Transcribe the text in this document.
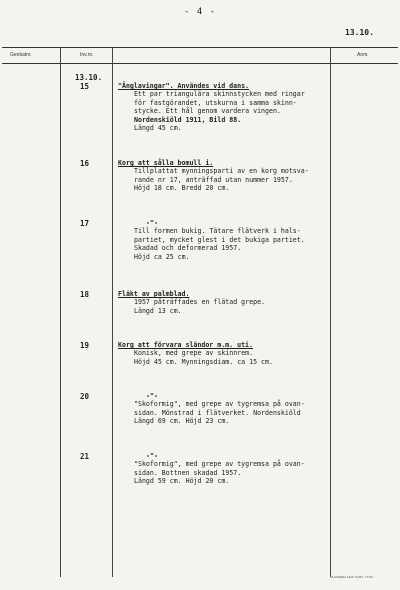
- 4 -
13.10.
Genkatnr.	Inv.nr.	Anm.
13.10.
15	"Änglavingar". Användes vid dans.
Ett par triangulära skinnstycken med ringar
för fastgörandet, utskurna i samma skinn-
stycke. Ett hål genom vardera vingen.
Nordenskiöld 1911, Bild 88.
Längd 45 cm.
16	Korg att sålla bomull i.
Tillplattat mynningsparti av en korg motsva-
rande nr 17, anträffad utan nummer 1957.
Höjd 18 cm. Bredd 20 cm.
17	-"-
Till formen bukig. Tätare flätverk i hals-
partiet, mycket glest i det bukiga partiet.
Skadad och deformerad 1957.
Höjd ca 25 cm.
18	Fläkt av palmblad.
1957 påträffades en flätad grepe.
Längd 13 cm.
19	Korg att förvara sländor m.m. uti.
Konisk, med grepe av skinnrem.
Höjd 45 cm. Mynningsdiam. ca 15 cm.
20	-"-
"Skoformig", med grepe av tygremsa på ovan-
sidan. Mönstrad i flätverket. Nordenskiöld
Längd 69 cm. Höjd 23 cm.
21	-"-
"Skoformig", med grepe av tygremsa på ovan-
sidan. Bottnen skadad 1957.
Längd 59 cm. Höjd 20 cm.
SLANDERA 1949. 5.000. 7.5.50.
